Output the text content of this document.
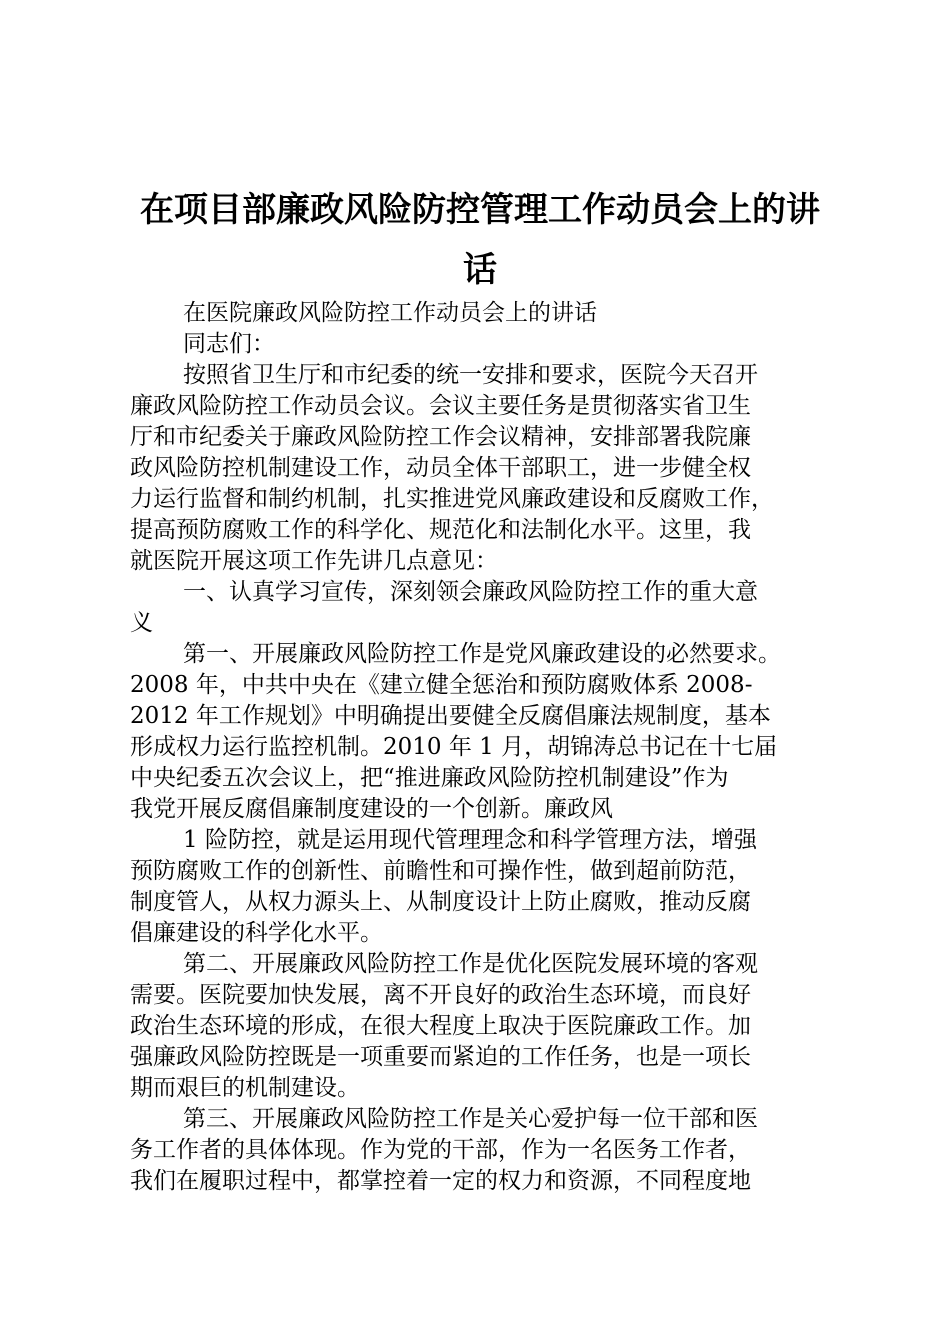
在项目部廉政风险防控管理工作动员会上的讲
话
在医院廉政风险防控工作动员会上的讲话
同志们：
按照省卫生厅和市纪委的统一安排和要求，医院今天召开
廉政风险防控工作动员会议。会议主要任务是贯彻落实省卫生
厅和市纪委关于廉政风险防控工作会议精神，安排部署我院廉
政风险防控机制建设工作，动员全体干部职工，进一步健全权
力运行监督和制约机制，扎实推进党风廉政建设和反腐败工作，
提高预防腐败工作的科学化、规范化和法制化水平。这里，我
就医院开展这项工作先讲几点意见：
一、认真学习宣传，深刻领会廉政风险防控工作的重大意
义
第一、开展廉政风险防控工作是党风廉政建设的必然要求。
2008 年，中共中央在《建立健全惩治和预防腐败体系 2008-
2012 年工作规划》中明确提出要健全反腐倡廉法规制度，基本
形成权力运行监控机制。2010 年 1 月，胡锦涛总书记在十七届
中央纪委五次会议上，把“推进廉政风险防控机制建设”作为
我党开展反腐倡廉制度建设的一个创新。廉政风
1 险防控，就是运用现代管理理念和科学管理方法，增强
预防腐败工作的创新性、前瞻性和可操作性，做到超前防范，
制度管人，从权力源头上、从制度设计上防止腐败，推动反腐
倡廉建设的科学化水平。
第二、开展廉政风险防控工作是优化医院发展环境的客观
需要。医院要加快发展，离不开良好的政治生态环境，而良好
政治生态环境的形成，在很大程度上取决于医院廉政工作。加
强廉政风险防控既是一项重要而紧迫的工作任务，也是一项长
期而艰巨的机制建设。
第三、开展廉政风险防控工作是关心爱护每一位干部和医
务工作者的具体体现。作为党的干部，作为一名医务工作者，
我们在履职过程中，都掌控着一定的权力和资源，不同程度地
